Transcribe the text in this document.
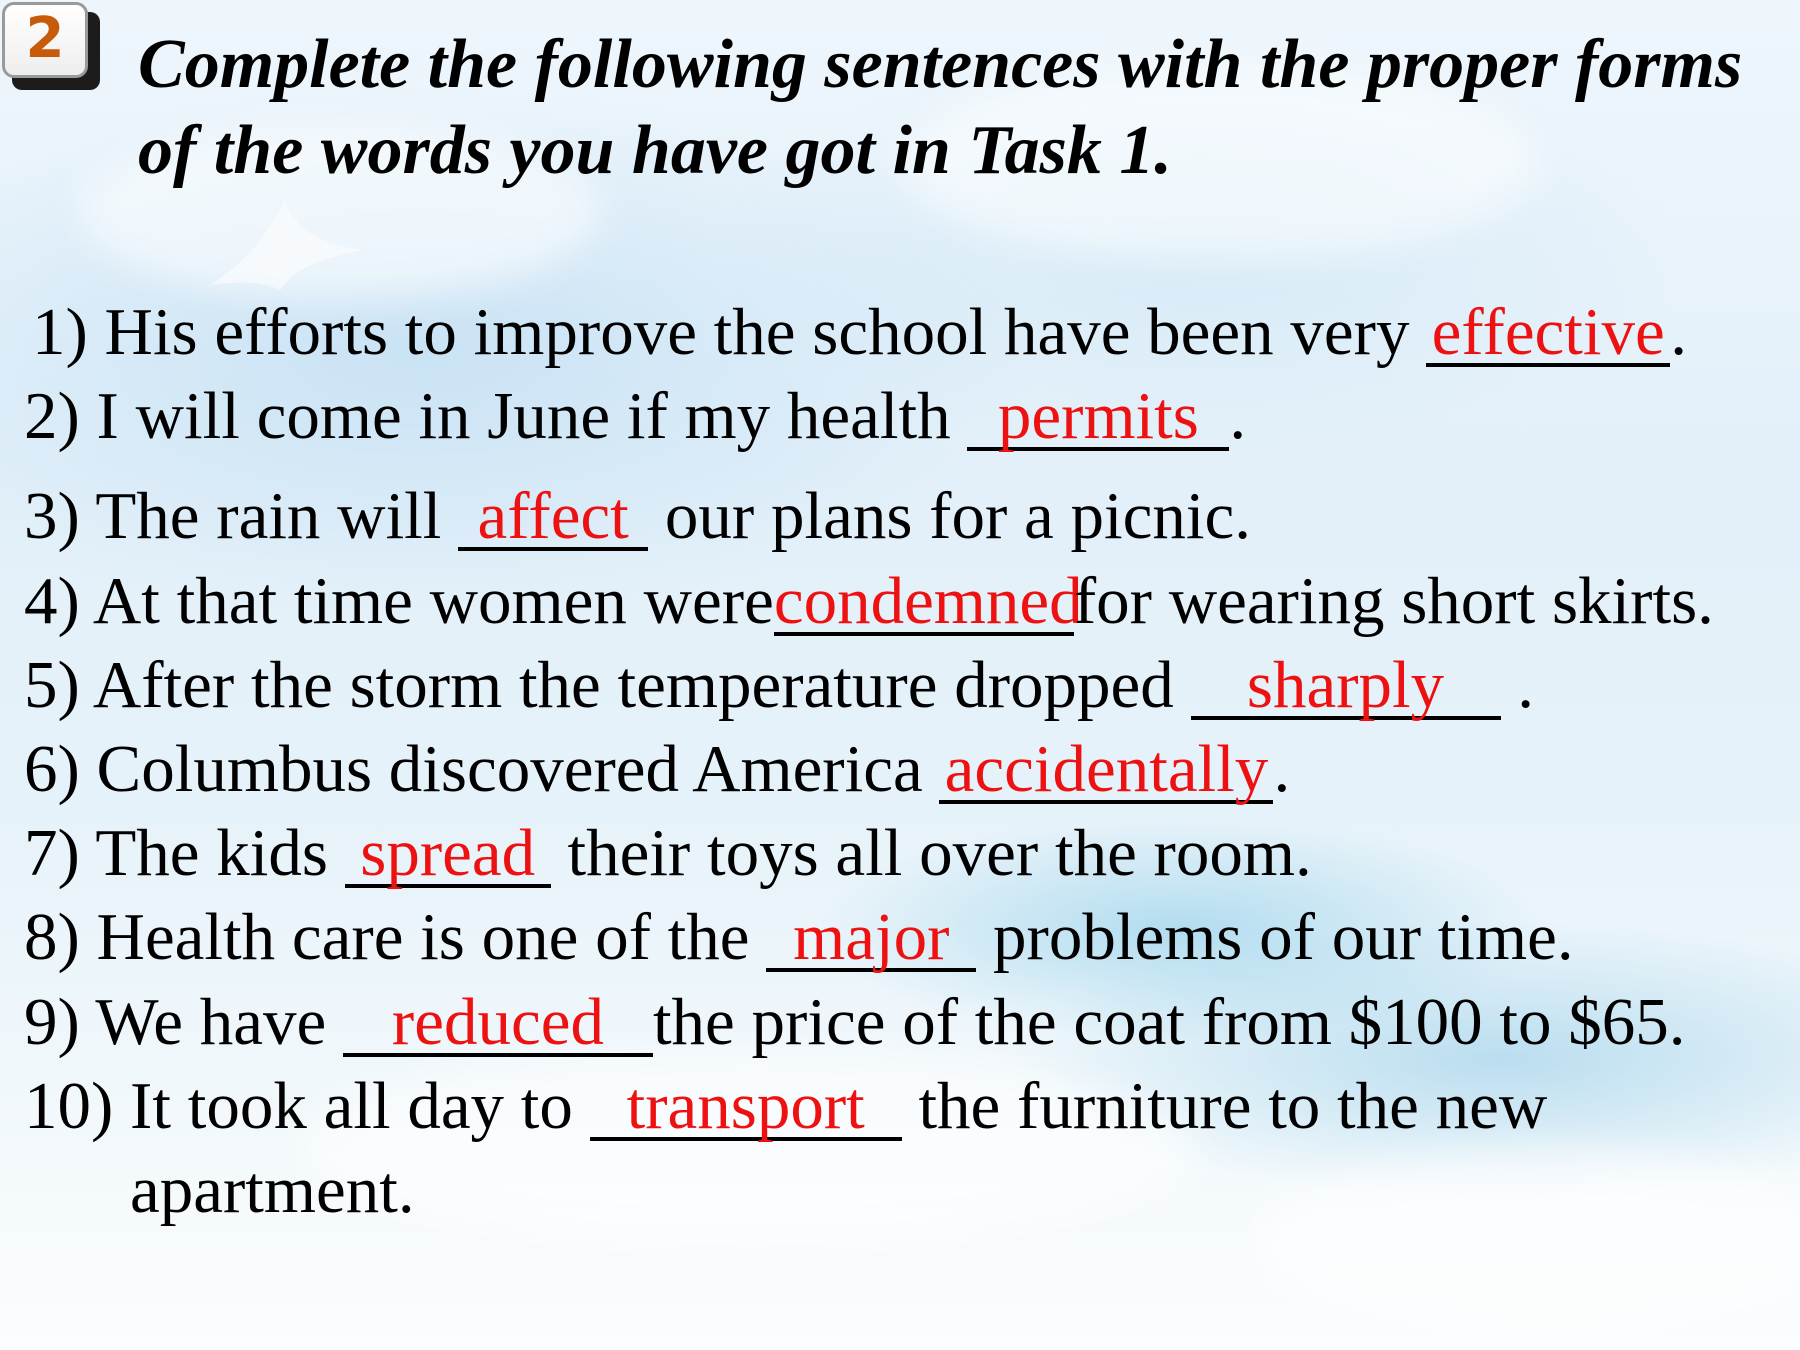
2 Complete the following sentences with the proper forms
of the words you have got in Task 1.
1) His efforts to improve the school have been very effective.
2) I will come in June if my health permits .
3) The rain will affect our plans for a picnic.
4) At that time women werecondemnedfor wearing short skirts.
5) After the storm the temperature dropped sharply .
6) Columbus discovered America accidentally.
7) The kids spread their toys all over the room.
8) Health care is one of the major problems of our time.
9) We have reduced the price of the coat from $100 to $65.
10) It took all day to transport the furniture to the new
apartment.
